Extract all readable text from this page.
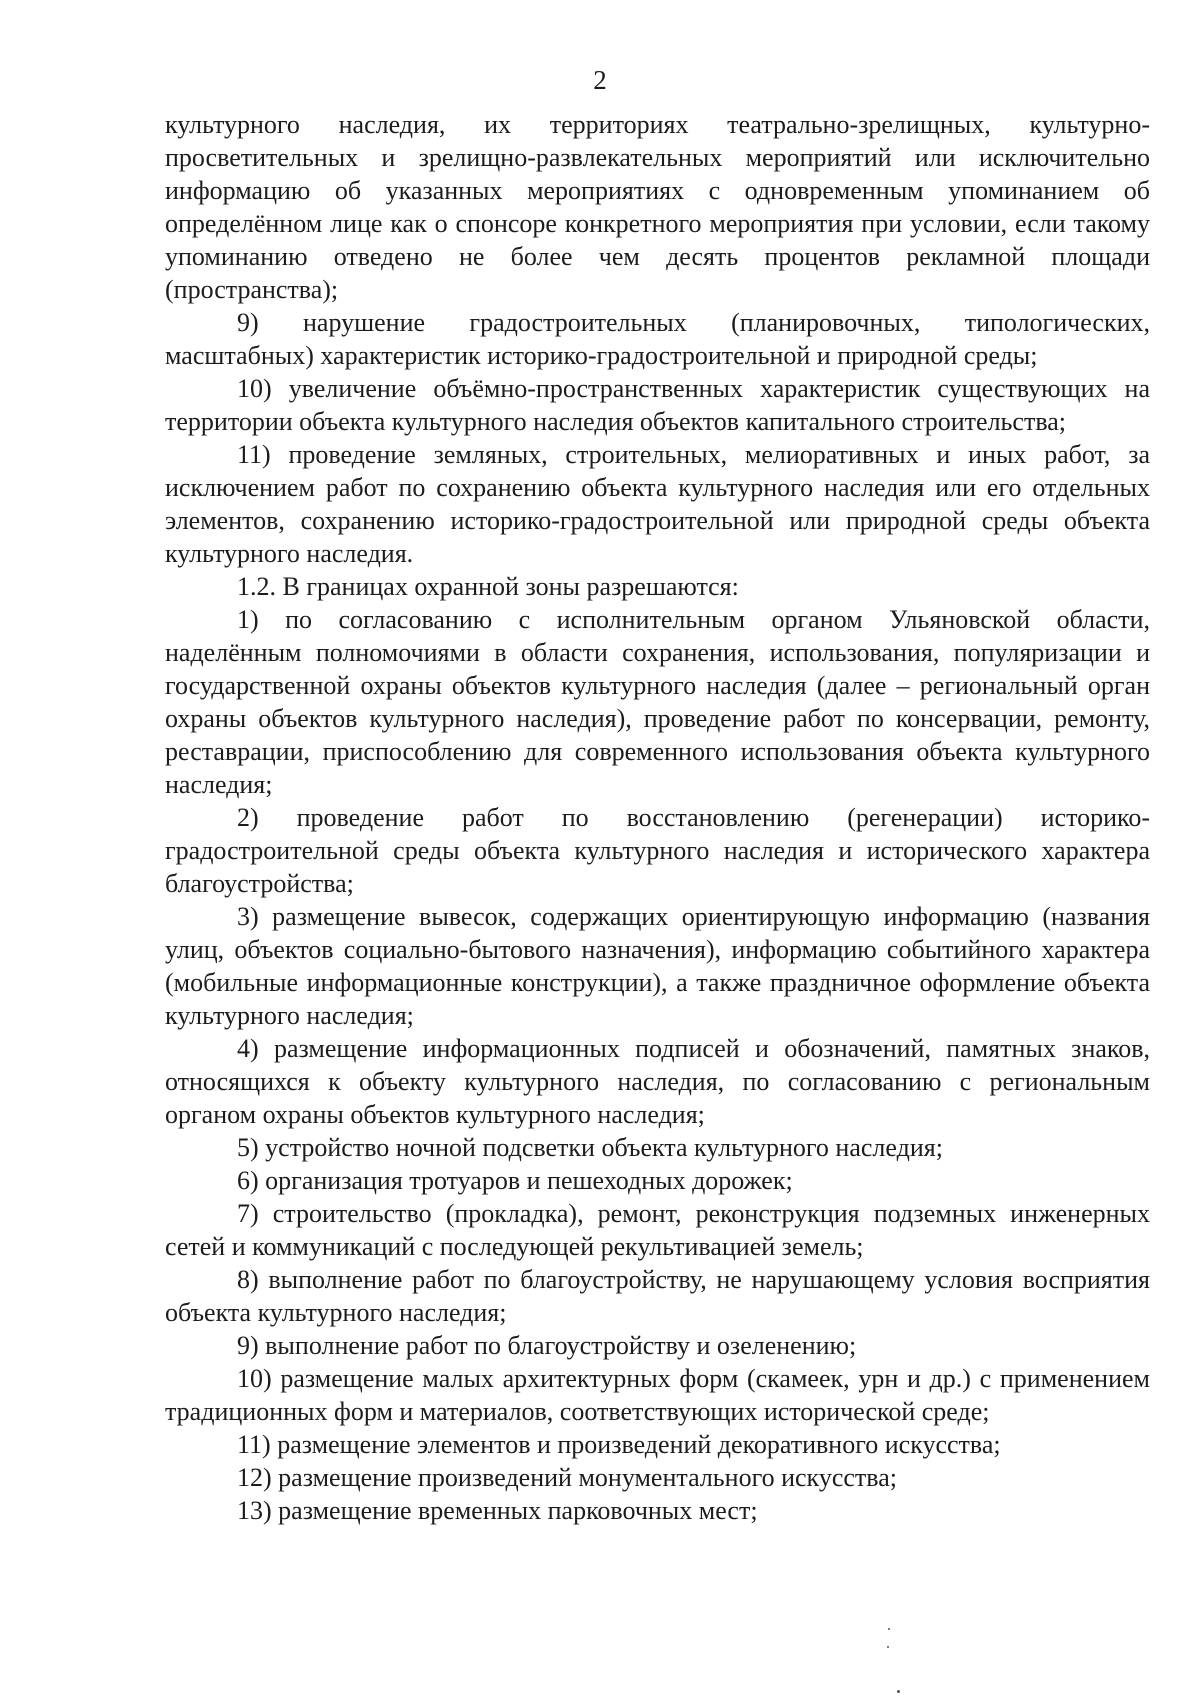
2

культурного наследия, их территориях театрально-зрелищных, культурно-просветительных и зрелищно-развлекательных мероприятий или исключительно информацию об указанных мероприятиях с одновременным упоминанием об определённом лице как о спонсоре конкретного мероприятия при условии, если такому упоминанию отведено не более чем десять процентов рекламной площади (пространства);

9) нарушение градостроительных (планировочных, типологических, масштабных) характеристик историко-градостроительной и природной среды;

10) увеличение объёмно-пространственных характеристик существующих на территории объекта культурного наследия объектов капитального строительства;

11) проведение земляных, строительных, мелиоративных и иных работ, за исключением работ по сохранению объекта культурного наследия или его отдельных элементов, сохранению историко-градостроительной или природной среды объекта культурного наследия.

1.2. В границах охранной зоны разрешаются:

1) по согласованию с исполнительным органом Ульяновской области, наделённым полномочиями в области сохранения, использования, популяризации и государственной охраны объектов культурного наследия (далее – региональный орган охраны объектов культурного наследия), проведение работ по консервации, ремонту, реставрации, приспособлению для современного использования объекта культурного наследия;

2) проведение работ по восстановлению (регенерации) историко-градостроительной среды объекта культурного наследия и исторического характера благоустройства;

3) размещение вывесок, содержащих ориентирующую информацию (названия улиц, объектов социально-бытового назначения), информацию событийного характера (мобильные информационные конструкции), а также праздничное оформление объекта культурного наследия;

4) размещение информационных подписей и обозначений, памятных знаков, относящихся к объекту культурного наследия, по согласованию с региональным органом охраны объектов культурного наследия;

5) устройство ночной подсветки объекта культурного наследия;

6) организация тротуаров и пешеходных дорожек;

7) строительство (прокладка), ремонт, реконструкция подземных инженерных сетей и коммуникаций с последующей рекультивацией земель;

8) выполнение работ по благоустройству, не нарушающему условия восприятия объекта культурного наследия;

9) выполнение работ по благоустройству и озеленению;

10) размещение малых архитектурных форм (скамеек, урн и др.) с применением традиционных форм и материалов, соответствующих исторической среде;

11) размещение элементов и произведений декоративного искусства;

12) размещение произведений монументального искусства;

13) размещение временных парковочных мест;
